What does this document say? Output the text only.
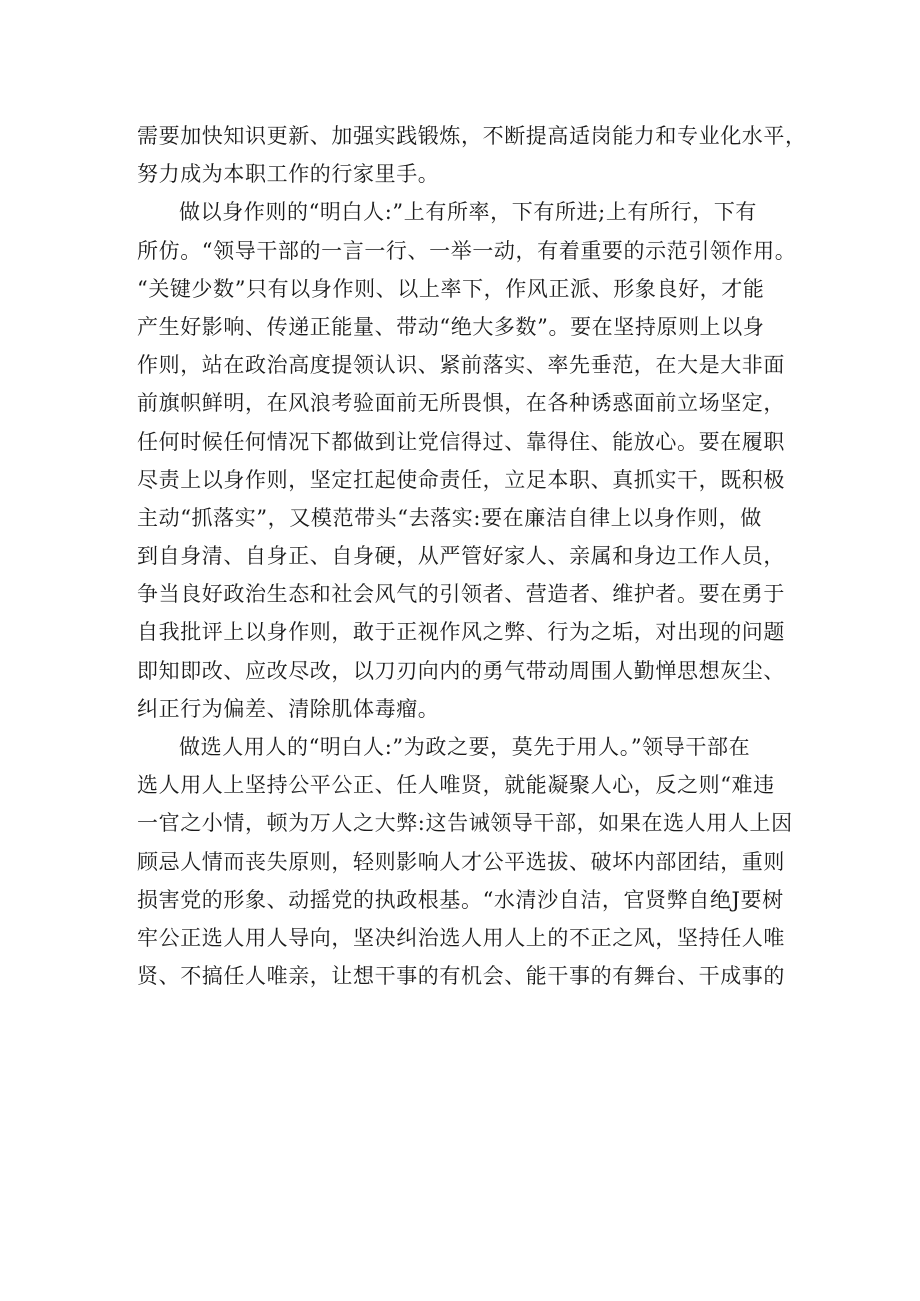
需要加快知识更新、加强实践锻炼，不断提高适岗能力和专业化水平，
努力成为本职工作的行家里手。
做以身作则的“明白人:”上有所率，下有所进;上有所行，下有
所仿。“领导干部的一言一行、一举一动，有着重要的示范引领作用。
“关键少数”只有以身作则、以上率下，作风正派、形象良好，才能
产生好影响、传递正能量、带动“绝大多数”。要在坚持原则上以身
作则，站在政治高度提领认识、紧前落实、率先垂范，在大是大非面
前旗帜鲜明，在风浪考验面前无所畏惧，在各种诱惑面前立场坚定，
任何时候任何情况下都做到让党信得过、靠得住、能放心。要在履职
尽责上以身作则，坚定扛起使命责任，立足本职、真抓实干，既积极
主动“抓落实”，又模范带头“去落实:要在廉洁自律上以身作则，做
到自身清、自身正、自身硬，从严管好家人、亲属和身边工作人员，
争当良好政治生态和社会风气的引领者、营造者、维护者。要在勇于
自我批评上以身作则，敢于正视作风之弊、行为之垢，对出现的问题
即知即改、应改尽改，以刀刃向内的勇气带动周围人勤惮思想灰尘、
纠正行为偏差、清除肌体毒瘤。
做选人用人的“明白人:”为政之要，莫先于用人。”领导干部在
选人用人上坚持公平公正、任人唯贤，就能凝聚人心，反之则“难违
一官之小情，顿为万人之大弊:这告诫领导干部，如果在选人用人上因
顾忌人情而丧失原则，轻则影响人才公平选拔、破坏内部团结，重则
损害党的形象、动摇党的执政根基。“水清沙自洁，官贤弊自绝J要树
牢公正选人用人导向，坚决纠治选人用人上的不正之风，坚持任人唯
贤、不搞任人唯亲，让想干事的有机会、能干事的有舞台、干成事的
